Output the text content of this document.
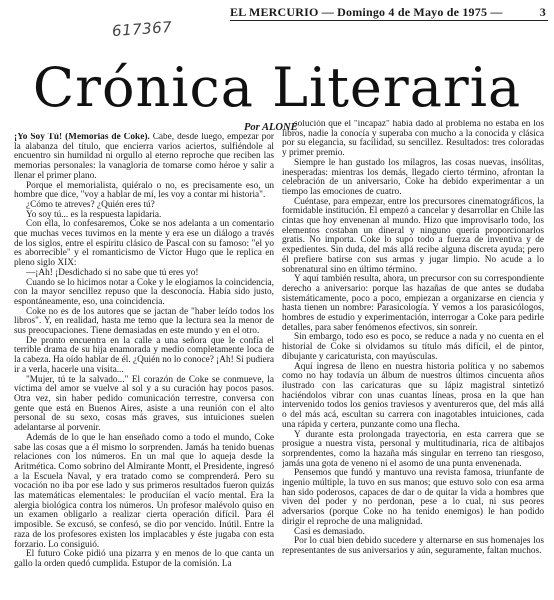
617367
EL MERCURIO — Domingo 4 de Mayo de 1975 —	3
Crónica Literaria
Por ALONE

¡Yo Soy Tú! (Memorias de Coke). Cabe, desde luego, empezar por la alabanza del título, que encierra varios aciertos, sulfiéndole al encuentro sin humildad ni orgullo al eterno reproche que reciben las memorias personales: la vanagloria de tomarse como héroe y salir a llenar el primer plano.

Porque el memorialista, quiéralo o no, es precisamente eso, un hombre que dice, "voy a hablar de mí, les voy a contar mi historia".

¿Cómo te atreves? ¿Quién eres tú?

Yo soy tú... es la respuesta lapidaria.

Con ella, lo confesaremos, Coke se nos adelanta a un comentario que muchas veces tuvimos en la mente y era ese un diálogo a través de los siglos, entre el espíritu clásico de Pascal con su famoso: "el yo es aborrecible" y el romanticismo de Víctor Hugo que le replica en pleno siglo XIX:

—¡Ah! ¡Desdichado si no sabe que tú eres yo!

Cuando se lo hicimos notar a Coke y le elogiamos la coincidencia, con la mayor sencillez repuso que la desconocía. Había sido justo, espontáneamente, eso, una coincidencia.

Coke no es de los autores que se jactan de "haber leído todos los libros". Y, en realidad, hasta me temo que la lectura sea la menor de sus preocupaciones. Tiene demasiadas en este mundo y en el otro.

De pronto encuentra en la calle a una señora que le confía el terrible drama de su hija enamorada y medio completamente loca de la cabeza. Ha oído hablar de él. ¿Quién no lo conoce? ¡Ah! Si pudiera ir a verla, hacerle una visita...

"Mujer, tú te la salvado..." El corazón de Coke se conmueve, la víctima del amor se vuelve al sol y a su curación hay pocos pasos. Otra vez, sin haber pedido comunicación terrestre, conversa con gente que está en Buenos Aires, asiste a una reunión con el alto personal de su sexo, cosas más graves, sus intuiciones suelen adelantarse al porvenir.

Además de lo que le han enseñado como a todo el mundo, Coke sabe las cosas que a él mismo lo sorprenden. Jamás ha tenido buenas relaciones con los números. En un mal que lo aqueja desde la Aritmética. Como sobrino del Almirante Montt, el Presidente, ingresó a la Escuela Naval, y era tratado como se comprenderá. Pero su vocación no iba por ese lado y sus primeros resultados fueron quizás las matemáticas elementales: le produciían el vacío mental. Era la alergia biológica contra los números. Un profesor malévolo quiso en un examen obligarlo a realizar cierta operación difícil. Para él imposible. Se excusó, se confesó, se dio por vencido. Inútil. Entre la raza de los profesores existen los implacables y éste jugaba con esta forzario. Lo consiguió.

El futuro Coke pidió una pizarra y en menos de lo que canta un gallo la orden quedó cumplida. Estupor de la comisión. La

solución que el "incapaz" había dado al problema no estaba en los libros, nadie la conocía y superaba con mucho a la conocida y clásica por su elegancia, su facilidad, su sencillez. Resultados: tres coloradas y primer premio.

Siempre le han gustado los milagros, las cosas nuevas, insólitas, inesperadas: mientras los demás, llegado cierto término, afrontan la celebración de un aniversario, Coke ha debido experimentar a un tiempo las emociones de cuatro.

Cuéntase, para empezar, entre los precursores cinematográficos, la formidable institución. El empezó a cancelar y desarrollar en Chile las cintas que hoy envenenan al mundo. Hizo que improvisarlo todo, los elementos costaban un dineral y ninguno quería proporcionarlos gratis. No importa. Coke lo supo todo a fuerza de inventiva y de expedientes. Sin duda, del más allá recibe alguna discreta ayuda; pero él prefiere batirse con sus armas y jugar limpio. No acude a lo sobrenatural sino en último término.

Y aquí también resulta, ahora, un precursor con su correspondiente derecho a aniversario: porque las hazañas de que antes se dudaba sistemáticamente, poco a poco, empiezan a organizarse en ciencia y hasta tienen un nombre: Parasicología. Y vemos a los parasicólogos, hombres de estudio y experimentación, interrogar a Coke para pedirle detalles, para saber fenómenos efectivos, sin sonreír.

Sin embargo, todo eso es poco, se reduce a nada y no cuenta en el historial de Coke si olvidamos su título más difícil, el de pintor, dibujante y caricaturista, con mayúsculas.

Aquí ingresa de lleno en nuestra historia política y no sabemos como no hay todavía un álbum de nuestros últimos cincuenta años ilustrado con las caricaturas que su lápiz magistral sintetizó haciéndolos vibrar con unas cuantas líneas, prosa en la que han intervenido todos los genios traviesos y aventureros que, del más allá o del más acá, escultan su carrera con inagotables intuiciones, cada una rápida y certera, punzante como una flecha.

Y durante esta prolongada trayectoria, en esta carrera que se prosigue a nuestra vista, personal y multitudinaria, rica de altibajos sorprendentes, como la hazaña más singular en terreno tan riesgoso, jamás una gota de veneno ni el asomo de una punta envenenada.

Pensemos que fundó y mantuvo una revista famosa, triunfante de ingenio múltiple, la tuvo en sus manos; que estuvo solo con esa arma han sido poderosos, capaces de dar o de quitar la vida a hombres que viven del poder y no perdonan, pese a lo cual, ni sus peores adversarios (porque Coke no ha tenido enemigos) le han podido dirigir el reproche de una malignidad.

Casi es demasiado.

Por lo cual bien debido sucedere y alternarse en sus homenajes los representantes de sus aniversarios y aún, seguramente, faltan muchos.
